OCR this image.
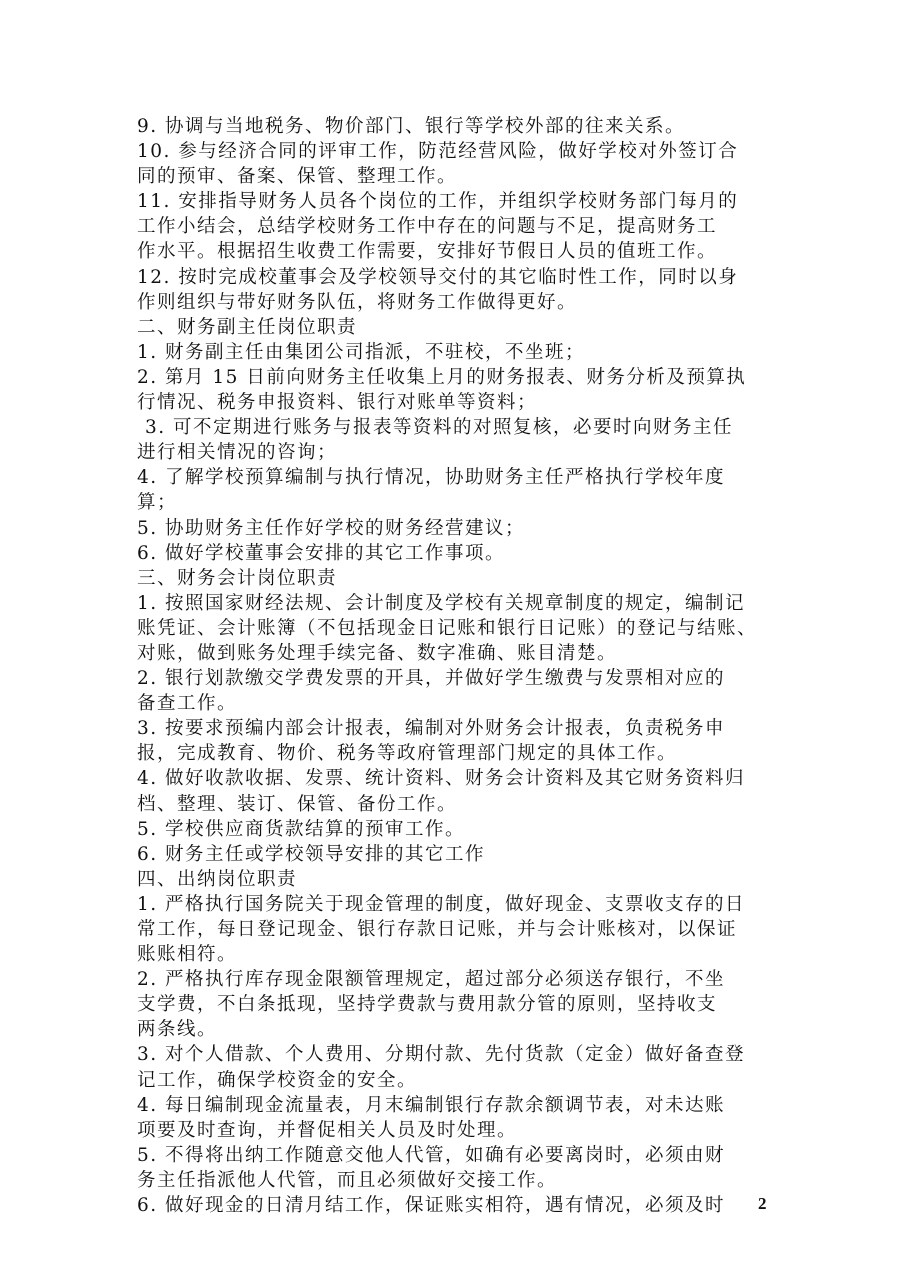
9. 协调与当地税务、物价部门、银行等学校外部的往来关系。
10. 参与经济合同的评审工作，防范经营风险，做好学校对外签订合
同的预审、备案、保管、整理工作。
11. 安排指导财务人员各个岗位的工作，并组织学校财务部门每月的
工作小结会，总结学校财务工作中存在的问题与不足，提高财务工
作水平。根据招生收费工作需要，安排好节假日人员的值班工作。
12. 按时完成校董事会及学校领导交付的其它临时性工作，同时以身
作则组织与带好财务队伍，将财务工作做得更好。
二、财务副主任岗位职责
1. 财务副主任由集团公司指派，不驻校，不坐班；
2. 第月 15 日前向财务主任收集上月的财务报表、财务分析及预算执
行情况、税务申报资料、银行对账单等资料；
3. 可不定期进行账务与报表等资料的对照复核，必要时向财务主任
进行相关情况的咨询；
4. 了解学校预算编制与执行情况，协助财务主任严格执行学校年度
算；
5. 协助财务主任作好学校的财务经营建议；
6. 做好学校董事会安排的其它工作事项。
三、财务会计岗位职责
1. 按照国家财经法规、会计制度及学校有关规章制度的规定，编制记
账凭证、会计账簿（不包括现金日记账和银行日记账）的登记与结账、
对账，做到账务处理手续完备、数字准确、账目清楚。
2. 银行划款缴交学费发票的开具，并做好学生缴费与发票相对应的
备查工作。
3. 按要求预编内部会计报表，编制对外财务会计报表，负责税务申
报，完成教育、物价、税务等政府管理部门规定的具体工作。
4. 做好收款收据、发票、统计资料、财务会计资料及其它财务资料归
档、整理、装订、保管、备份工作。
5. 学校供应商货款结算的预审工作。
6. 财务主任或学校领导安排的其它工作
四、出纳岗位职责
1. 严格执行国务院关于现金管理的制度，做好现金、支票收支存的日
常工作，每日登记现金、银行存款日记账，并与会计账核对，以保证
账账相符。
2. 严格执行库存现金限额管理规定，超过部分必须送存银行，不坐
支学费，不白条抵现，坚持学费款与费用款分管的原则，坚持收支
两条线。
3. 对个人借款、个人费用、分期付款、先付货款（定金）做好备查登
记工作，确保学校资金的安全。
4. 每日编制现金流量表，月末编制银行存款余额调节表，对未达账
项要及时查询，并督促相关人员及时处理。
5. 不得将出纳工作随意交他人代管，如确有必要离岗时，必须由财
务主任指派他人代管，而且必须做好交接工作。
6. 做好现金的日清月结工作，保证账实相符，遇有情况，必须及时	2
